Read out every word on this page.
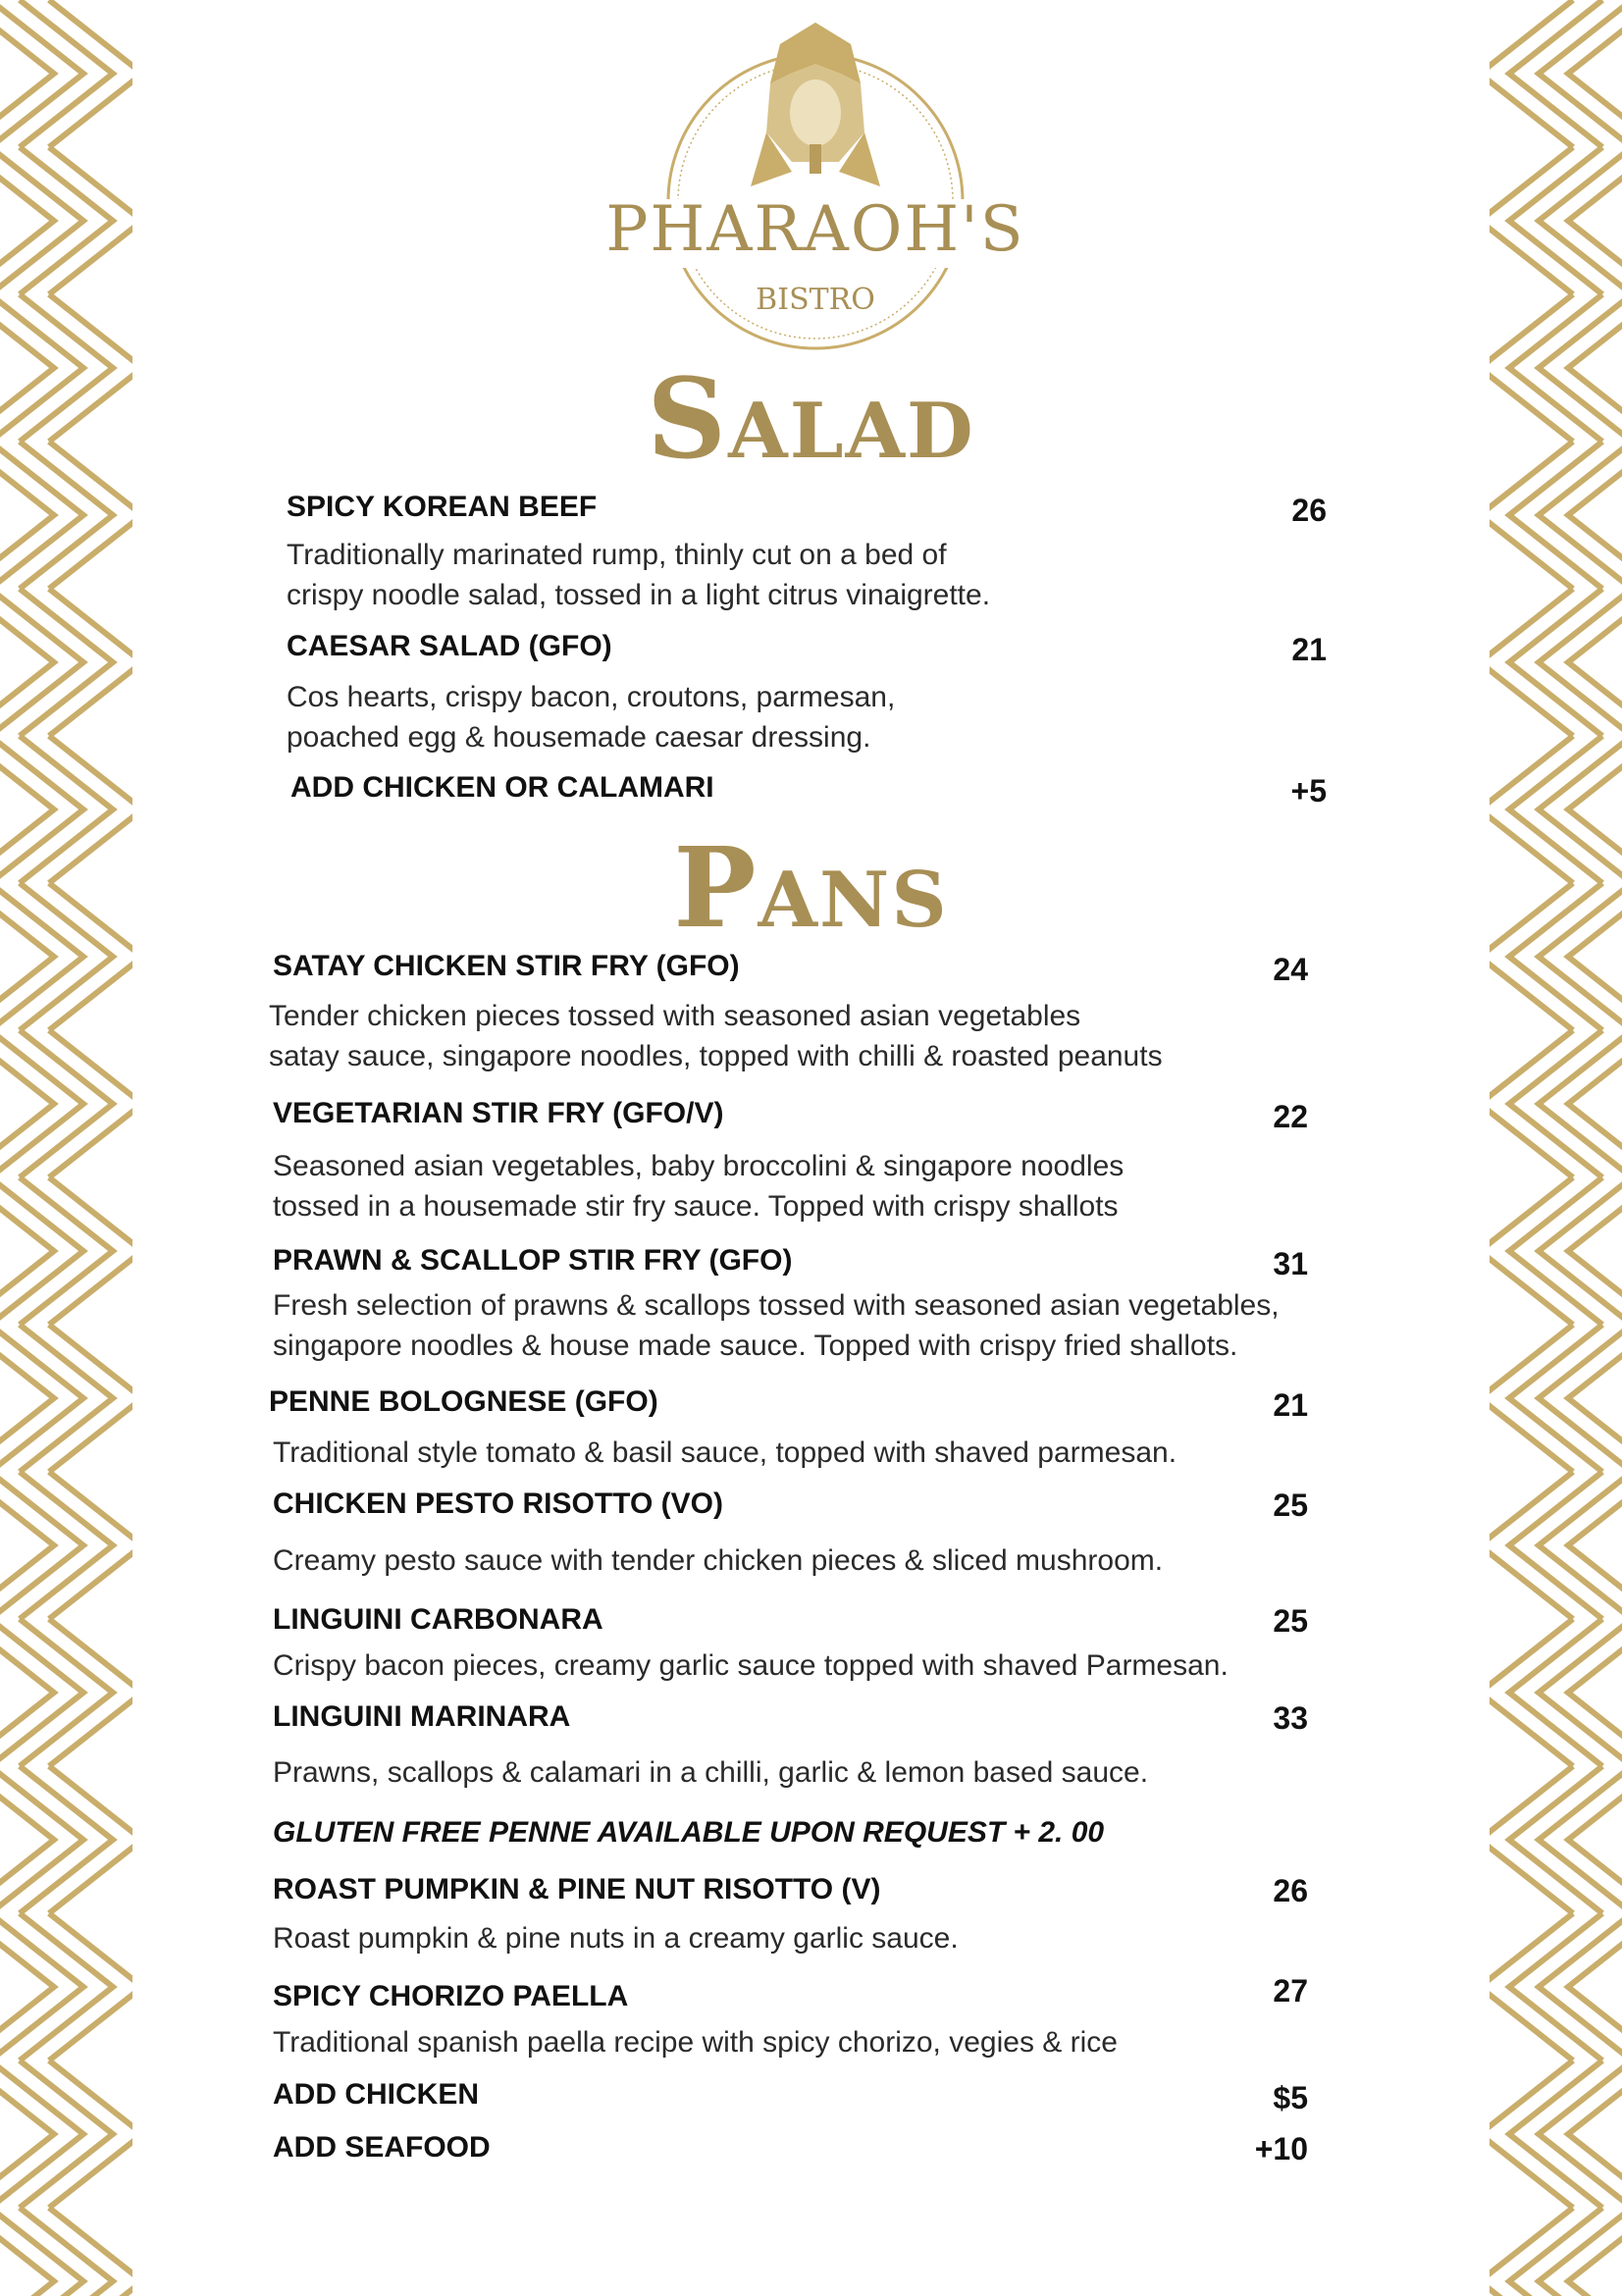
PHARAOH'S
BISTRO
Salad
SPICY KOREAN BEEF	26
Traditionally marinated rump, thinly cut on a bed of
crispy noodle salad, tossed in a light citrus vinaigrette.
CAESAR SALAD (GFO)	21
Cos hearts, crispy bacon, croutons, parmesan,
poached egg & housemade caesar dressing.
ADD CHICKEN OR CALAMARI	+5
Pans
SATAY CHICKEN STIR FRY (GFO)	24
Tender chicken pieces tossed with seasoned asian vegetables
satay sauce, singapore noodles, topped with chilli & roasted peanuts
VEGETARIAN STIR FRY (GFO/V)	22
Seasoned asian vegetables, baby broccolini & singapore noodles
tossed in a housemade stir fry sauce. Topped with crispy shallots
PRAWN & SCALLOP STIR FRY (GFO)	31
Fresh selection of prawns & scallops tossed with seasoned asian vegetables,
singapore noodles & house made sauce. Topped with crispy fried shallots.
PENNE BOLOGNESE (GFO)	21
Traditional style tomato & basil sauce, topped with shaved parmesan.
CHICKEN PESTO RISOTTO (VO)	25
Creamy pesto sauce with tender chicken pieces & sliced mushroom.
LINGUINI CARBONARA	25
Crispy bacon pieces, creamy garlic sauce topped with shaved Parmesan.
LINGUINI MARINARA	33
Prawns, scallops & calamari in a chilli, garlic & lemon based sauce.
GLUTEN FREE PENNE AVAILABLE UPON REQUEST + 2. 00
ROAST PUMPKIN & PINE NUT RISOTTO (V)	26
Roast pumpkin & pine nuts in a creamy garlic sauce.
SPICY CHORIZO PAELLA	27
Traditional spanish paella recipe with spicy chorizo, vegies & rice
ADD CHICKEN	$5
ADD SEAFOOD	+10
